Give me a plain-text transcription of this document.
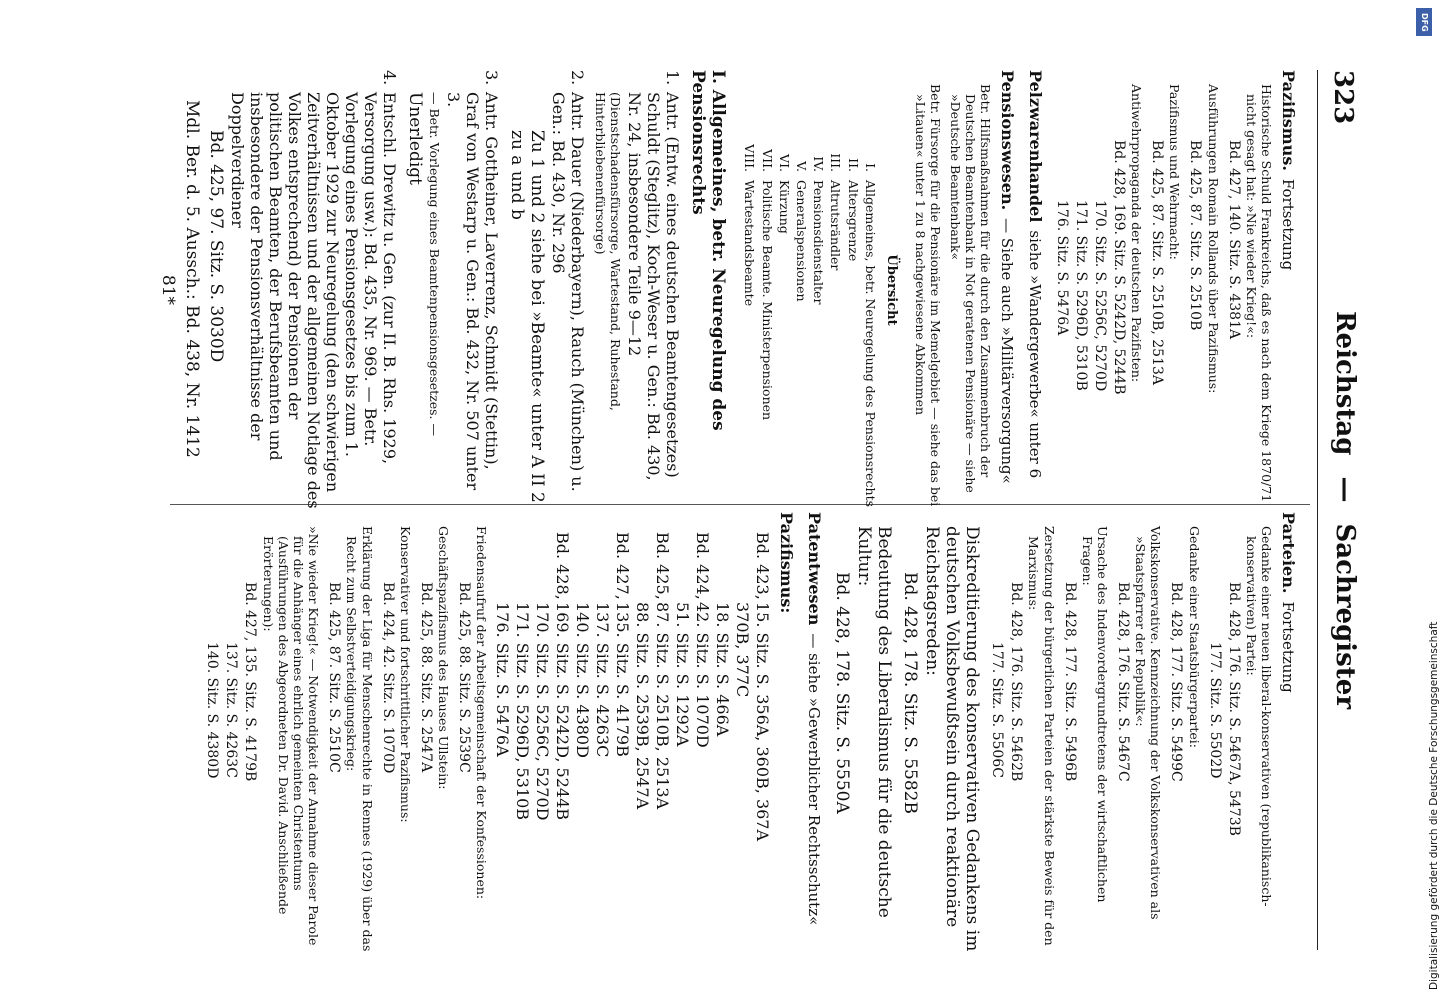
DFG
Digitalisierung gefördert durch die Deutsche Forschungsgemeinschaft
323
Reichstag — Sachregister
Pazifismus.Fortsetzung
Historische Schuld Frankreichs, daß es nach dem Kriege 1870/71 nicht gesagt hat: »Nie wieder Krieg!«:
Bd. 427, 140. Sitz. S. 4381A
Ausführungen Romain Rollands über Pazifismus:
Bd. 425, 87. Sitz. S. 2510B
Pazifismus und Wehrmacht:
Bd. 425, 87. Sitz. S. 2510B, 2513A
Antiwehrpropaganda der deutschen Pazifisten:
Bd. 428, 169. Sitz. S. 5242D, 5244B
170. Sitz. S. 5256C, 5270D
171. Sitz. S. 5296D, 5310B
176. Sitz. S. 5476A
Pelzwarenhandelsiehe »Wandergewerbe« unter 6
Pensionswesen.— Siehe auch »Militärversorgung«
Betr. Hilfsmaßnahmen für die durch den Zusammenbruch der Deutschen Beamtenbank in Not geratenen Pensionäre — siehe »Deutsche Beamtenbank«
Betr. Fürsorge für die Pensionäre im Memelgebiet — siehe das bei »Litauen« unter 1 zu 8 nachgewiesene Abkommen
Übersicht
I.
Allgemeines, betr. Neuregelung des Pensionsrechts
II.
Altersgrenze
III.
Altrutsrändler
IV.
Pensionsdienstalter
V.
Generalspensionen
VI.
Kürzung
VII.
Politische Beamte. Ministerpensionen
VIII.
Wartestandsbeamte
I. Allgemeines, betr. Neuregelung des Pensionsrechts
1.
Antr. (Entw. eines deutschen Beamtengesetzes) Schuldt (Steglitz), Koch-Weser u. Gen.: Bd. 430, Nr. 24, insbesondere Teile 9—12
(Dienstschadensfürsorge, Wartestand, Ruhestand, Hinterbliebenenfürsorge)
2.
Antr. Dauer (Niederbayern), Rauch (München) u. Gen.: Bd. 430, Nr. 296
Zu 1 und 2 siehe bei »Beamte« unter A II 2 zu a und b
3.
Antr. Gottheiner, Laverrenz, Schmidt (Stettin), Graf von Westarp u. Gen.: Bd. 432, Nr. 507 unter 3.
— Betr. Vorlegung eines Beamtenpensionsgesetzes. —
Unerledigt
4.
Entschl. Drewitz u. Gen. (zur II. B. Rhs. 1929, Versorgung usw.): Bd. 435, Nr. 969. — Betr. Vorlegung eines Pensionsgesetzes bis zum 1. Oktober 1929 zur Neuregelung (den schwierigen Zeitverhältnissen und der allgemeinen Notlage des Volkes entsprechend) der Pensionen der politischen Beamten, der Berufsbeamten und insbesondere der Pensionsverhältnisse der Doppelverdiener
Bd. 425, 97. Sitz. S. 3030D
Mdl. Ber. d. 5. Aussch.: Bd. 438, Nr. 1412
81*
Parteien.Fortsetzung
Gedanke einer neuen liberal-konservativen (republikanisch-konservativen) Partei:
Bd. 428, 176. Sitz. S. 5467A, 5473B
177. Sitz. S. 5502D
Gedanke einer Staatsbürgerpartei:
Bd. 428, 177. Sitz. S. 5499C
Volkskonservative. Kennzeichnung der Volkskonservativen als »Staatspfarrer der Republik«:
Bd. 428, 176. Sitz. S. 5467C
Ursache des Indenvordergrundtretens der wirtschaftlichen Fragen:
Bd. 428, 177. Sitz. S. 5496B
Zersetzung der bürgerlichen Parteien der stärkste Beweis für den Marxismus:
Bd. 428, 176. Sitz. S. 5462B
177. Sitz. S. 5506C
Diskreditierung des konservativen Gedankens im deutschen Volksbewußtsein durch reaktionäre Reichstagsreden:
Bd. 428, 178. Sitz. S. 5582B
Bedeutung des Liberalismus für die deutsche Kultur:
Bd. 428, 178. Sitz. S. 5550A
Patentwesen— siehe »Gewerblicher Rechtsschutz«
Pazifismus:
Bd. 423,
15. Sitz. S. 356A, 360B, 367A
370B, 377C
18. Sitz. S. 466A
Bd. 424,
42. Sitz. S. 1070D
51. Sitz. S. 1292A
Bd. 425,
87. Sitz. S. 2510B, 2513A
88. Sitz. S. 2539B, 2547A
Bd. 427,
135. Sitz. S. 4179B
137. Sitz. S. 4263C
140. Sitz. S. 4380D
Bd. 428,
169. Sitz. S. 5242D, 5244B
170. Sitz. S. 5256C, 5270D
171. Sitz. S. 5296D, 5310B
176. Sitz. S. 5476A
Friedensaufruf der Arbeitsgemeinschaft der Konfessionen:
Bd. 425, 88. Sitz. S. 2539C
Geschäftspazifismus des Hauses Ullstein:
Bd. 425, 88. Sitz. S. 2547A
Konservativer und fortschrittlicher Pazifismus:
Bd. 424, 42. Sitz. S. 1070D
Erklärung der Liga für Menschenrechte in Rennes (1929) über das Recht zum Selbstverteidigungskrieg:
Bd. 425, 87. Sitz. S. 2510C
»Nie wieder Krieg!« — Notwendigkeit der Annahme dieser Parole für die Anhänger eines ehrlich gemeinten Christentums (Ausführungen des Abgeordneten Dr. David. Anschließende Erörterungen):
Bd. 427, 135. Sitz. S. 4179B
137. Sitz. S. 4263C
140. Sitz. S. 4380D
